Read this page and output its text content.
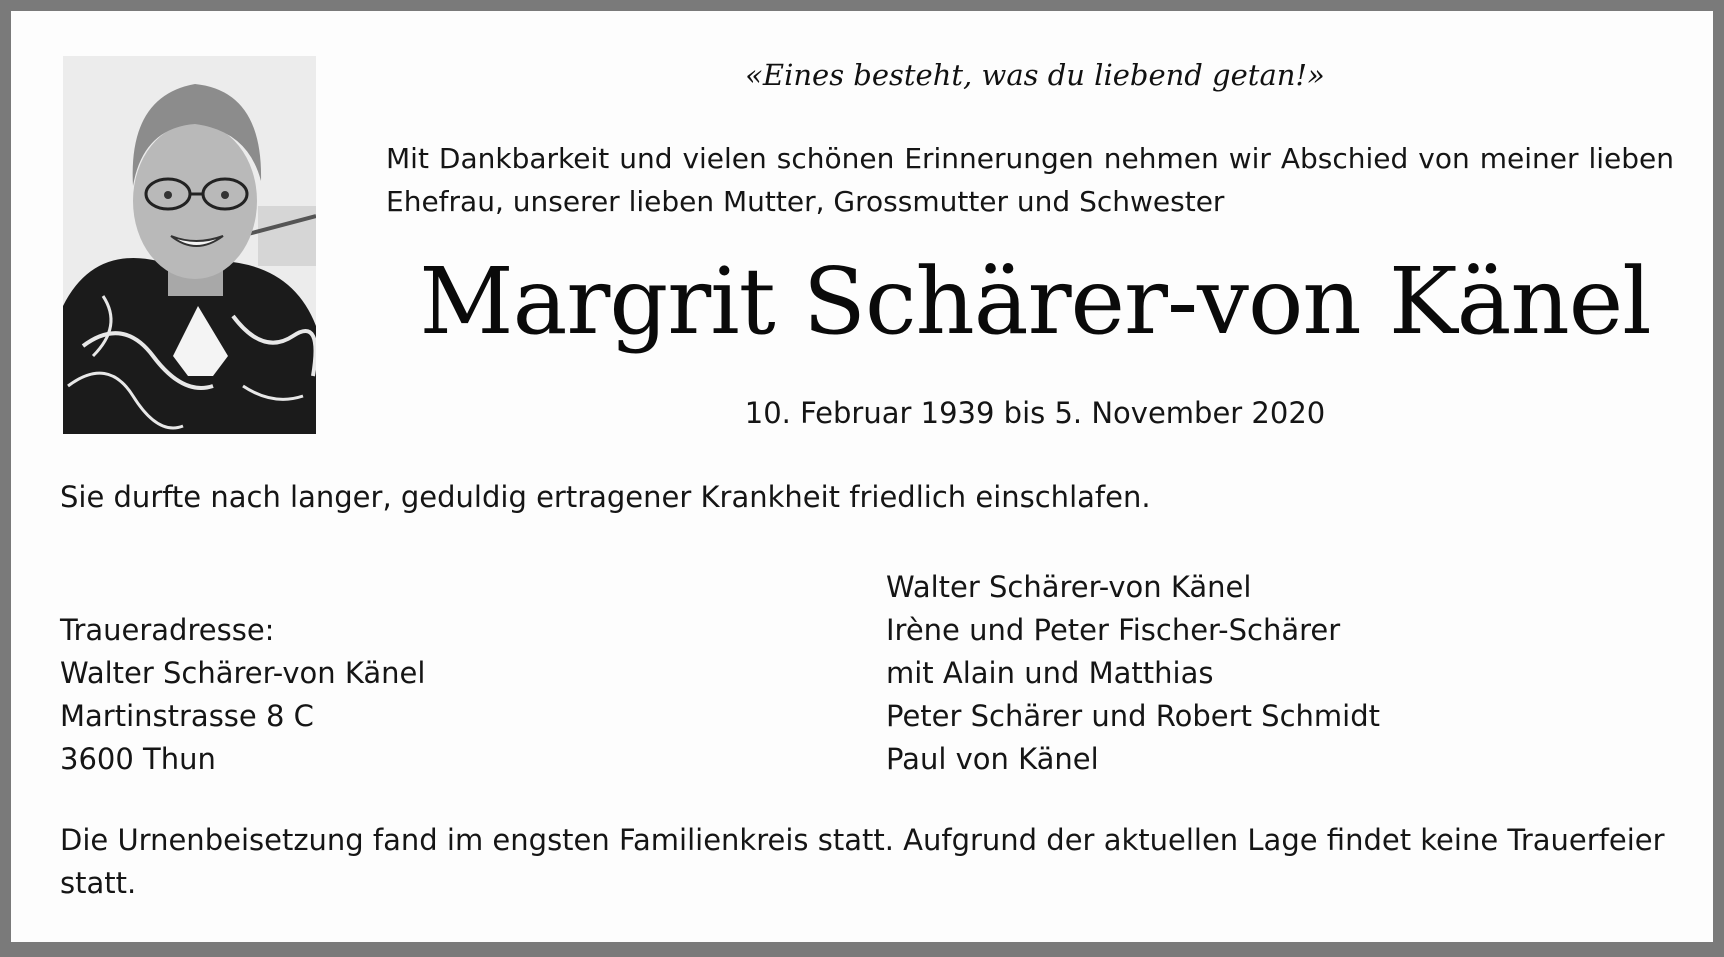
«Eines besteht, was du liebend getan!»

Mit Dankbarkeit und vielen schönen Erinnerungen nehmen wir Abschied von meiner lieben Ehefrau, unserer lieben Mutter, Grossmutter und Schwester

Margrit Schärer-von Känel

10. Februar 1939 bis 5. November 2020

Sie durfte nach langer, geduldig ertragener Krankheit friedlich einschlafen.

Traueradresse:
Walter Schärer-von Känel
Martinstrasse 8 C
3600 Thun
Walter Schärer-von Känel
Irène und Peter Fischer-Schärer
mit Alain und Matthias
Peter Schärer und Robert Schmidt
Paul von Känel

Die Urnenbeisetzung fand im engsten Familienkreis statt. Aufgrund der aktuellen Lage findet keine Trauerfeier statt.
